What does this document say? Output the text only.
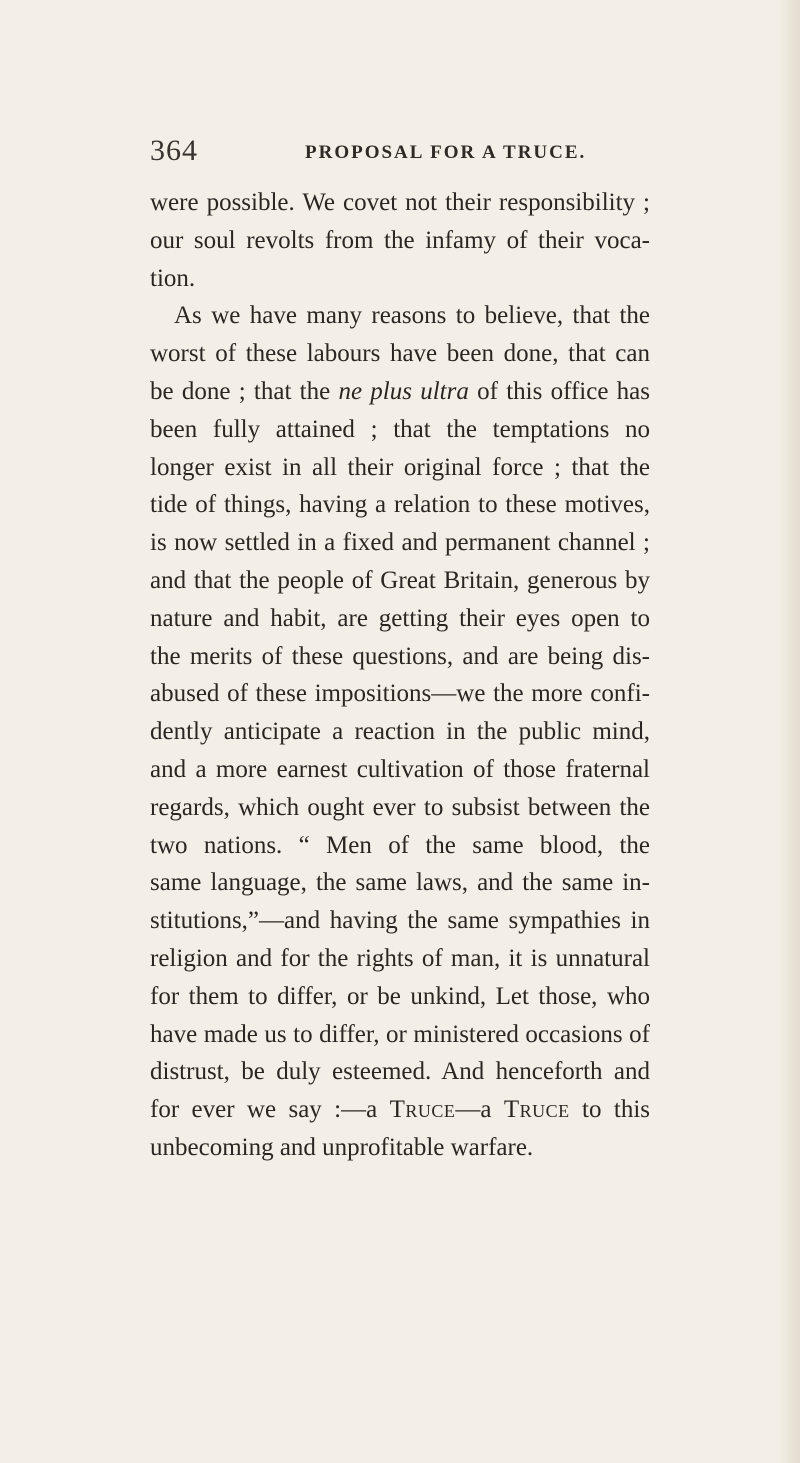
364	PROPOSAL FOR A TRUCE.
were possible. We covet not their responsibility ;
our soul revolts from the infamy of their voca-
tion.
As we have many reasons to believe, that the
worst of these labours have been done, that can
be done ; that the ne plus ultra of this office has
been fully attained ; that the temptations no
longer exist in all their original force ; that the
tide of things, having a relation to these motives,
is now settled in a fixed and permanent channel ;
and that the people of Great Britain, generous by
nature and habit, are getting their eyes open to
the merits of these questions, and are being dis-
abused of these impositions—we the more confi-
dently anticipate a reaction in the public mind,
and a more earnest cultivation of those fraternal
regards, which ought ever to subsist between the
two nations. “ Men of the same blood, the
same language, the same laws, and the same in-
stitutions,”—and having the same sympathies in
religion and for the rights of man, it is unnatural
for them to differ, or be unkind, Let those, who
have made us to differ, or ministered occasions of
distrust, be duly esteemed. And henceforth and
for ever we say :—a Truce—a Truce to this
unbecoming and unprofitable warfare.
